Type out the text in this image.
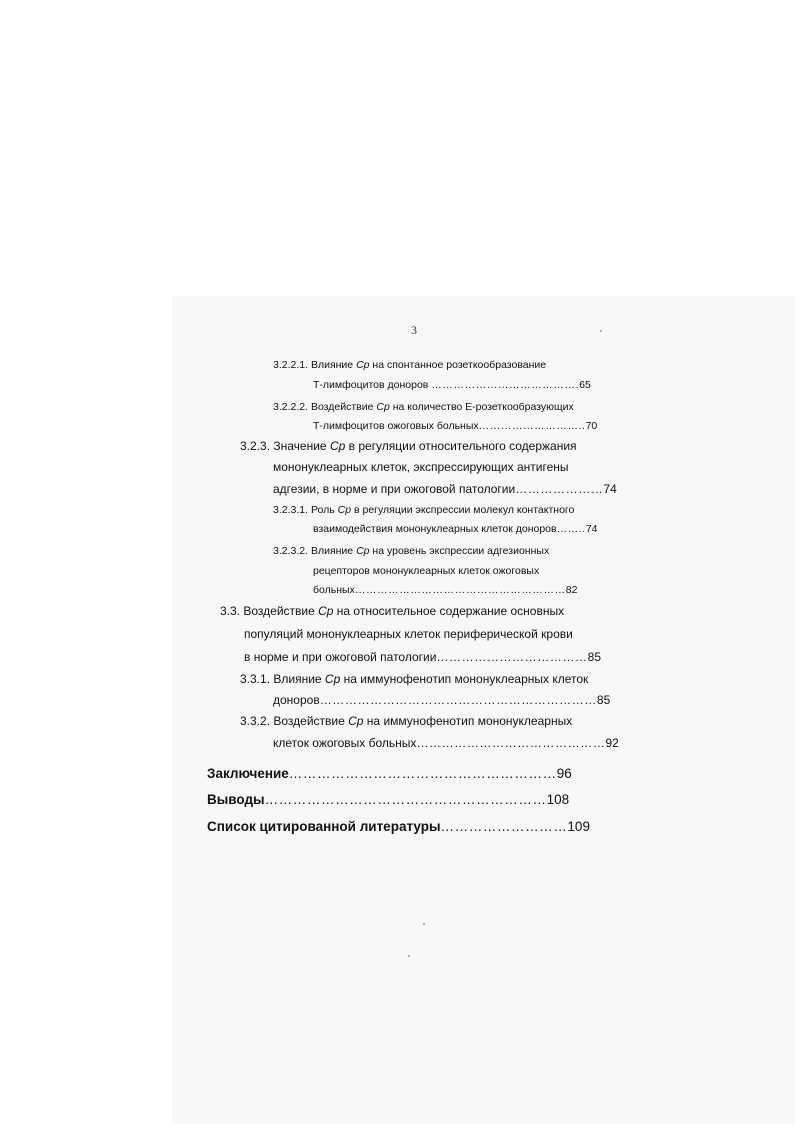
3
3.2.2.1. Влияние Ср на спонтанное розеткообразование
Т-лимфоцитов доноров ………………………………….65
3.2.2.2. Воздействие Ср на количество Е-розеткообразующих
Т-лимфоцитов ожоговых больных………………………..70
3.2.3. Значение Ср в регуляции относительного содержания
мононуклеарных клеток, экспрессирующих антигены
адгезии, в норме и при ожоговой патологии…………………74
3.2.3.1. Роль Ср в регуляции экспрессии молекул контактного
взаимодействия мононуклеарных клеток доноров……..74
3.2.3.2. Влияние Ср на уровень экспрессии адгезионных
рецепторов мононуклеарных клеток ожоговых
больных…………………………………………………82
3.3. Воздействие Ср на относительное содержание основных
популяций мононуклеарных клеток периферической крови
в норме и при ожоговой патологии………………………………85
3.3.1. Влияние Ср на иммунофенотип мононуклеарных клеток
доноров…………………………………………………………85
3.3.2. Воздействие Ср на иммунофенотип мононуклеарных
клеток ожоговых больных………………………………………92
Заключение…………………………………………………96
Выводы……………………………………………………108
Список цитированной литературы………………………109
